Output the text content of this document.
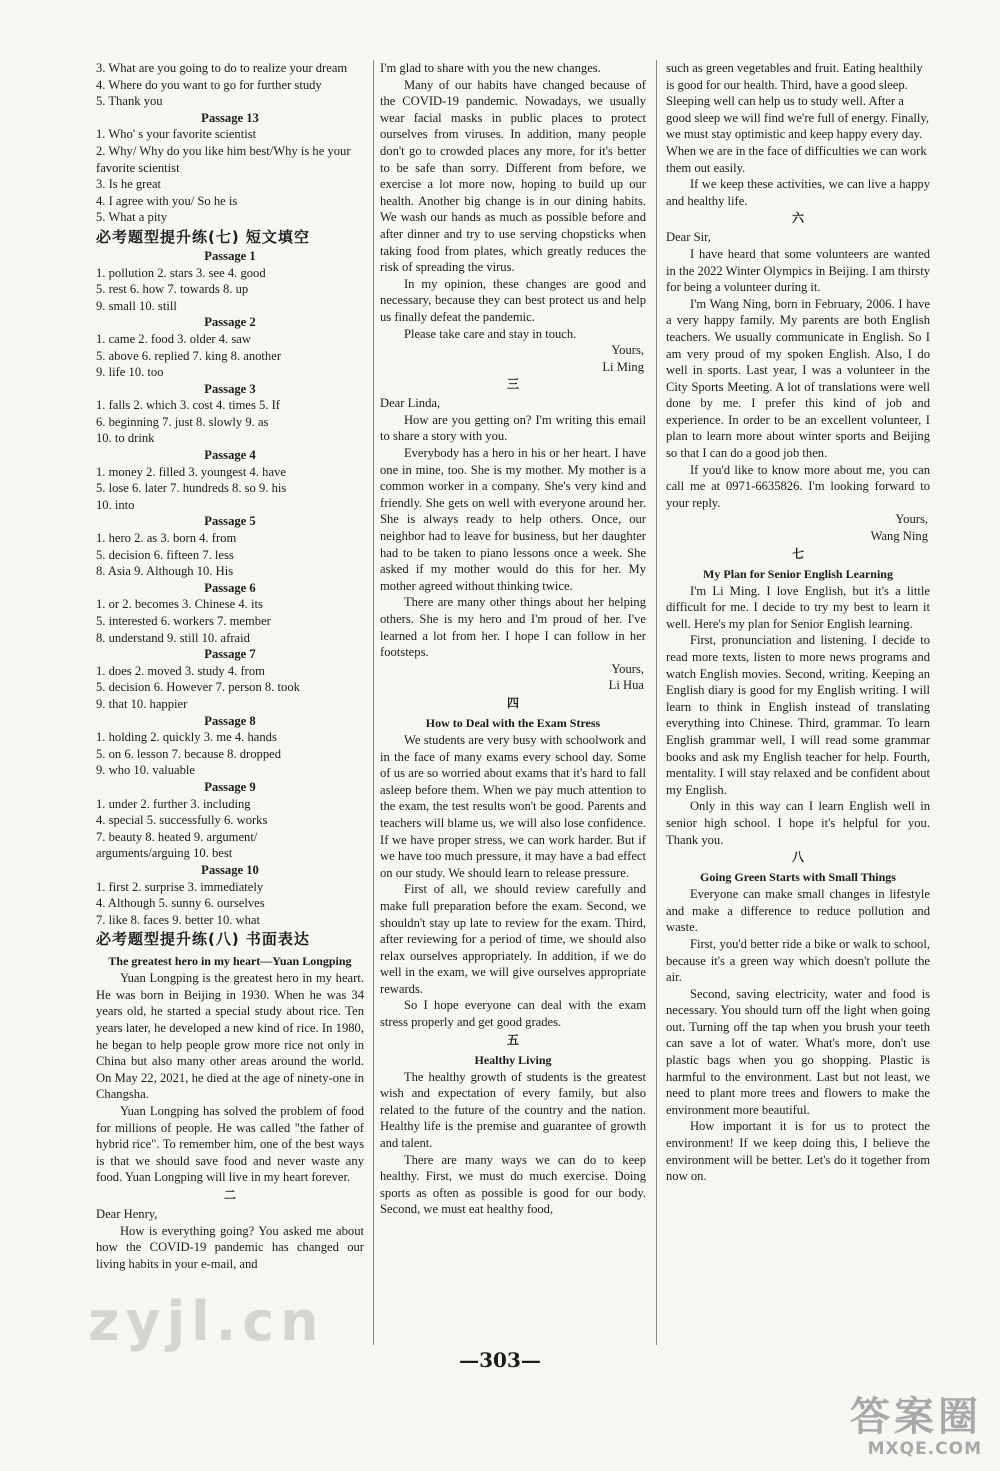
3. What are you going to do to realize your dream
4. Where do you want to go for further study
5. Thank you
Passage 13
1. Who' s your favorite scientist
2. Why/ Why do you like him best/Why is he your favorite scientist
3. Is he great
4. I agree with you/ So he is
5. What a pity
必考题型提升练(七) 短文填空
Passage 1
1. pollution 2. stars 3. see 4. good
5. rest 6. how 7. towards 8. up
9. small 10. still
Passage 2
1. came 2. food 3. older 4. saw
5. above 6. replied 7. king 8. another
9. life 10. too
Passage 3
1. falls 2. which 3. cost 4. times 5. If
6. beginning 7. just 8. slowly 9. as
10. to drink
Passage 4
1. money 2. filled 3. youngest 4. have
5. lose 6. later 7. hundreds 8. so 9. his
10. into
Passage 5
1. hero 2. as 3. born 4. from
5. decision 6. fifteen 7. less
8. Asia 9. Although 10. His
Passage 6
1. or 2. becomes 3. Chinese 4. its
5. interested 6. workers 7. member
8. understand 9. still 10. afraid
Passage 7
1. does 2. moved 3. study 4. from
5. decision 6. However 7. person 8. took
9. that 10. happier
Passage 8
1. holding 2. quickly 3. me 4. hands
5. on 6. lesson 7. because 8. dropped
9. who 10. valuable
Passage 9
1. under 2. further 3. including
4. special 5. successfully 6. works
7. beauty 8. heated 9. argument/
arguments/arguing 10. best
Passage 10
1. first 2. surprise 3. immediately
4. Although 5. sunny 6. ourselves
7. like 8. faces 9. better 10. what
必考题型提升练(八) 书面表达
The greatest hero in my heart—Yuan Longping
Yuan Longping is the greatest hero in my heart. He was born in Beijing in 1930. When he was 34 years old, he started a special study about rice. Ten years later, he developed a new kind of rice. In 1980, he began to help people grow more rice not only in China but also many other areas around the world. On May 22, 2021, he died at the age of ninety-one in Changsha.
Yuan Longping has solved the problem of food for millions of people. He was called "the father of hybrid rice". To remember him, one of the best ways is that we should save food and never waste any food. Yuan Longping will live in my heart forever.
二
Dear Henry,
How is everything going? You asked me about how the COVID-19 pandemic has changed our living habits in your e-mail, and
I'm glad to share with you the new changes.
Many of our habits have changed because of the COVID-19 pandemic. Nowadays, we usually wear facial masks in public places to protect ourselves from viruses. In addition, many people don't go to crowded places any more, for it's better to be safe than sorry. Different from before, we exercise a lot more now, hoping to build up our health. Another big change is in our dining habits. We wash our hands as much as possible before and after dinner and try to use serving chopsticks when taking food from plates, which greatly reduces the risk of spreading the virus.
In my opinion, these changes are good and necessary, because they can best protect us and help us finally defeat the pandemic.
Please take care and stay in touch.
Yours,
Li Ming
三
Dear Linda,
How are you getting on? I'm writing this email to share a story with you.
Everybody has a hero in his or her heart. I have one in mine, too. She is my mother. My mother is a common worker in a company. She's very kind and friendly. She gets on well with everyone around her. She is always ready to help others. Once, our neighbor had to leave for business, but her daughter had to be taken to piano lessons once a week. She asked if my mother would do this for her. My mother agreed without thinking twice.
There are many other things about her helping others. She is my hero and I'm proud of her. I've learned a lot from her. I hope I can follow in her footsteps.
Yours,
Li Hua
四
How to Deal with the Exam Stress
We students are very busy with schoolwork and in the face of many exams every school day. Some of us are so worried about exams that it's hard to fall asleep before them. When we pay much attention to the exam, the test results won't be good. Parents and teachers will blame us, we will also lose confidence. If we have proper stress, we can work harder. But if we have too much pressure, it may have a bad effect on our study. We should learn to release pressure.
First of all, we should review carefully and make full preparation before the exam. Second, we shouldn't stay up late to review for the exam. Third, after reviewing for a period of time, we should also relax ourselves appropriately. In addition, if we do well in the exam, we will give ourselves appropriate rewards.
So I hope everyone can deal with the exam stress properly and get good grades.
五
Healthy Living
The healthy growth of students is the greatest wish and expectation of every family, but also related to the future of the country and the nation. Healthy life is the premise and guarantee of growth and talent.
There are many ways we can do to keep healthy. First, we must do much exercise. Doing sports as often as possible is good for our body. Second, we must eat healthy food,
such as green vegetables and fruit. Eating healthily is good for our health. Third, have a good sleep. Sleeping well can help us to study well. After a good sleep we will find we're full of energy. Finally, we must stay optimistic and keep happy every day. When we are in the face of difficulties we can work them out easily.
If we keep these activities, we can live a happy and healthy life.
六
Dear Sir,
I have heard that some volunteers are wanted in the 2022 Winter Olympics in Beijing. I am thirsty for being a volunteer during it.
I'm Wang Ning, born in February, 2006. I have a very happy family. My parents are both English teachers. We usually communicate in English. So I am very proud of my spoken English. Also, I do well in sports. Last year, I was a volunteer in the City Sports Meeting. A lot of translations were well done by me. I prefer this kind of job and experience. In order to be an excellent volunteer, I plan to learn more about winter sports and Beijing so that I can do a good job then.
If you'd like to know more about me, you can call me at 0971-6635826. I'm looking forward to your reply.
Yours,
Wang Ning
七
My Plan for Senior English Learning
I'm Li Ming. I love English, but it's a little difficult for me. I decide to try my best to learn it well. Here's my plan for Senior English learning.
First, pronunciation and listening. I decide to read more texts, listen to more news programs and watch English movies. Second, writing. Keeping an English diary is good for my English writing. I will learn to think in English instead of translating everything into Chinese. Third, grammar. To learn English grammar well, I will read some grammar books and ask my English teacher for help. Fourth, mentality. I will stay relaxed and be confident about my English.
Only in this way can I learn English well in senior high school. I hope it's helpful for you. Thank you.
八
Going Green Starts with Small Things
Everyone can make small changes in lifestyle and make a difference to reduce pollution and waste.
First, you'd better ride a bike or walk to school, because it's a green way which doesn't pollute the air.
Second, saving electricity, water and food is necessary. You should turn off the light when going out. Turning off the tap when you brush your teeth can save a lot of water. What's more, don't use plastic bags when you go shopping. Plastic is harmful to the environment. Last but not least, we need to plant more trees and flowers to make the environment more beautiful.
How important it is for us to protect the environment! If we keep doing this, I believe the environment will be better. Let's do it together from now on.
zyjl.cn
—303—
答案圈
MXQE.COM
